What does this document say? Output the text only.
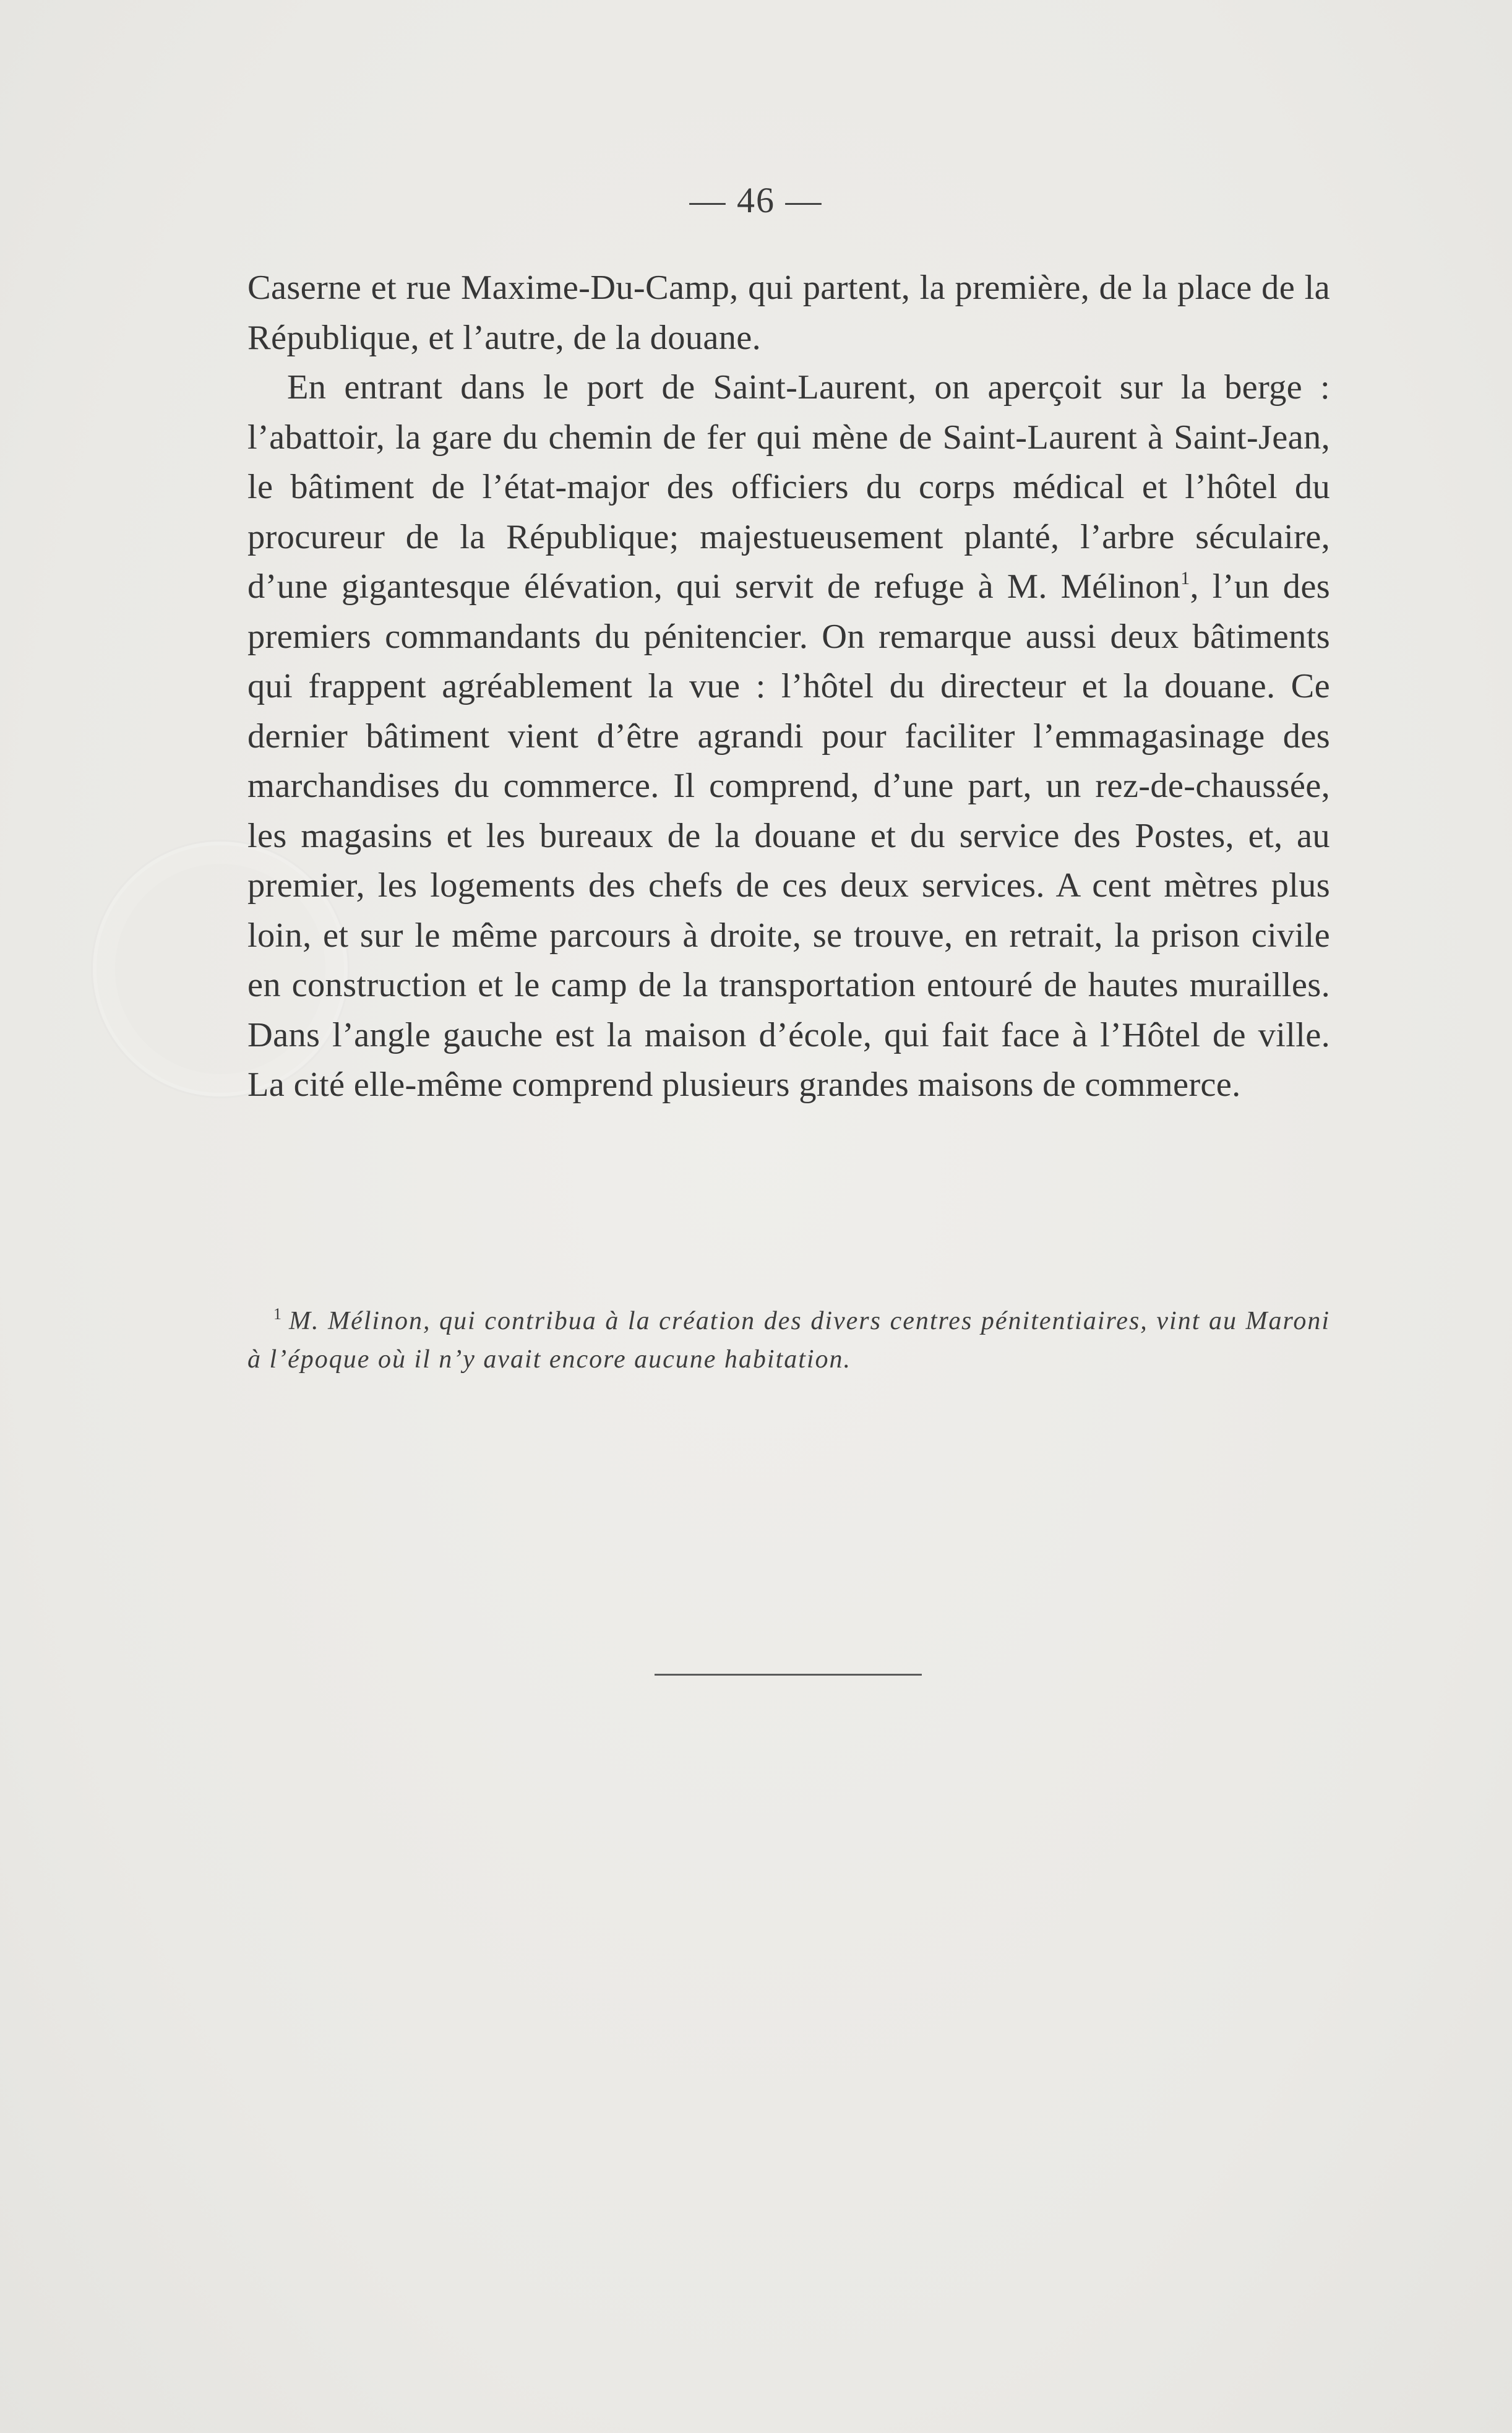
— 46 —

Caserne et rue Maxime-Du-Camp, qui partent, la première, de la place de la République, et l’autre, de la douane.

En entrant dans le port de Saint-Laurent, on aperçoit sur la berge : l’abattoir, la gare du chemin de fer qui mène de Saint-Laurent à Saint-Jean, le bâtiment de l’état-major des officiers du corps médical et l’hôtel du procureur de la République; majestueusement planté, l’arbre séculaire, d’une gigantesque élévation, qui servit de refuge à M. Mélinon$^1$, l’un des premiers commandants du pénitencier. On remarque aussi deux bâtiments qui frappent agréablement la vue : l’hôtel du directeur et la douane. Ce dernier bâtiment vient d’être agrandi pour faciliter l’emmagasinage des marchandises du commerce. Il comprend, d’une part, un rez-de-chaussée, les magasins et les bureaux de la douane et du service des Postes, et, au premier, les logements des chefs de ces deux services. A cent mètres plus loin, et sur le même parcours à droite, se trouve, en retrait, la prison civile en construction et le camp de la transportation entouré de hautes murailles. Dans l’angle gauche est la maison d’école, qui fait face à l’Hôtel de ville. La cité elle-même comprend plusieurs grandes maisons de commerce.

$^1$ M. Mélinon, qui contribua à la création des divers centres pénitentiaires, vint au Maroni à l’époque où il n’y avait encore aucune habitation.
